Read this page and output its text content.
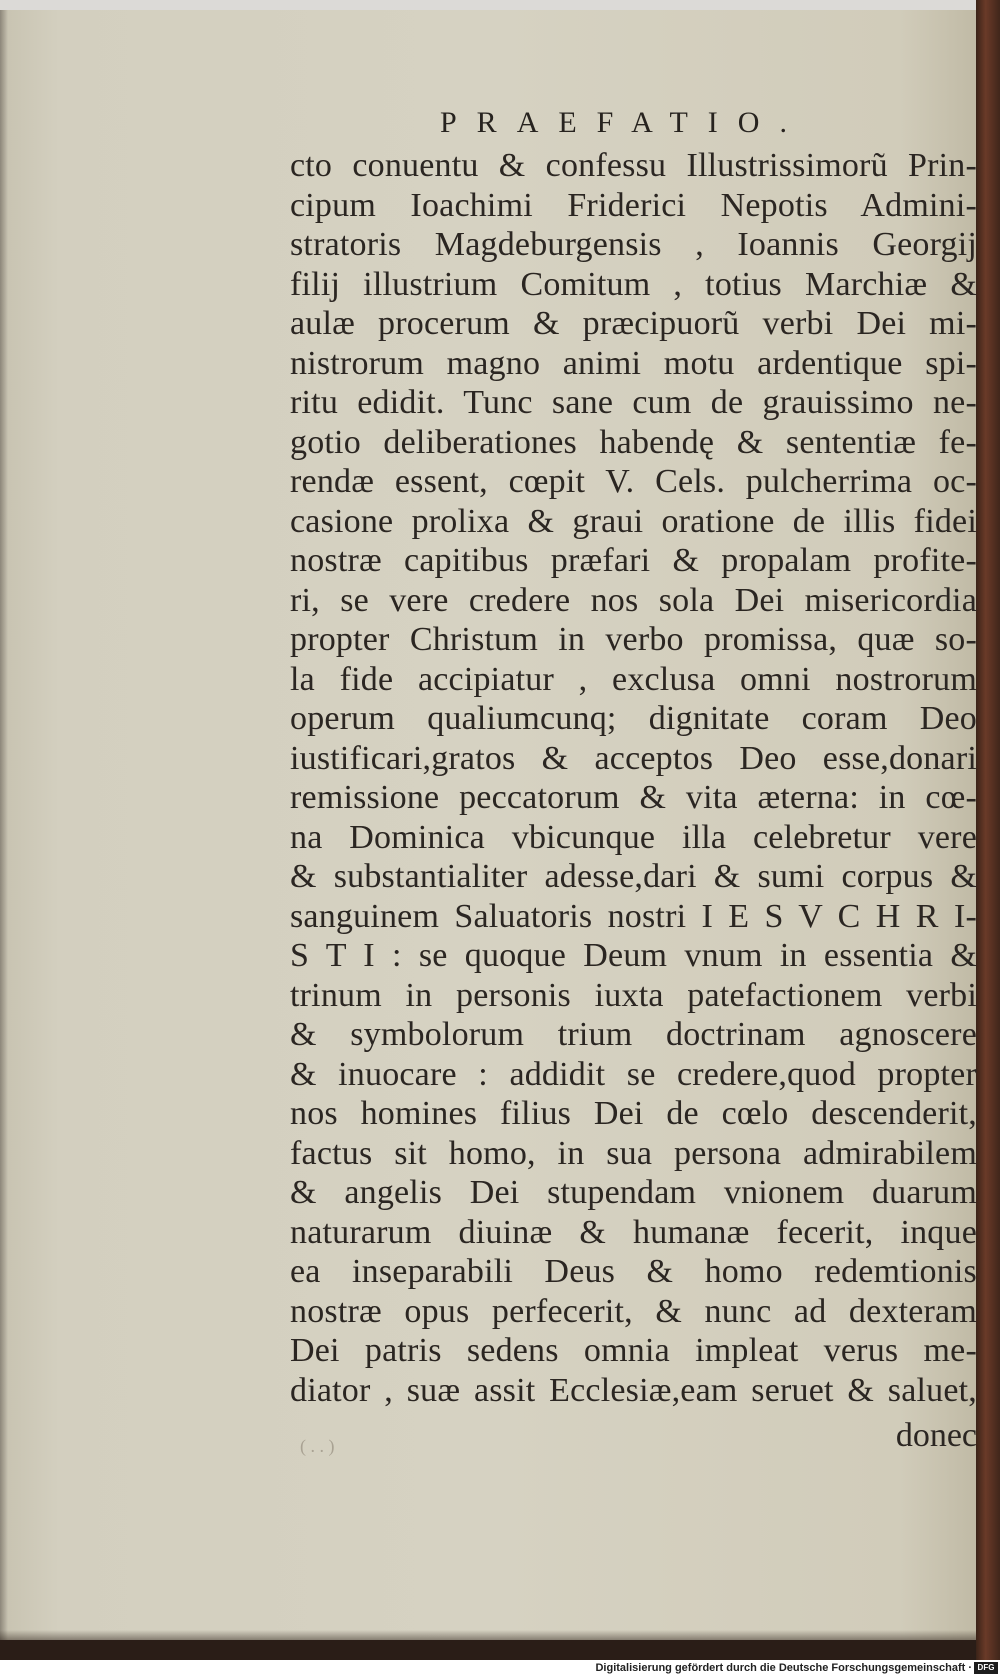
PRAEFATIO.
cto conuentu & confessu Illustrissimorũ Prin-
cipum Ioachimi Friderici Nepotis Admini-
stratoris Magdeburgensis , Ioannis Georgij
filij illustrium Comitum , totius Marchiæ &
aulæ procerum & præcipuorũ verbi Dei mi-
nistrorum magno animi motu ardentique spi-
ritu edidit. Tunc sane cum de grauissimo ne-
gotio deliberationes habendę & sententiæ fe-
rendæ essent, cœpit V. Cels. pulcherrima oc-
casione prolixa & graui oratione de illis fidei
nostræ capitibus præfari & propalam profite-
ri, se vere credere nos sola Dei misericordia
propter Christum in verbo promissa, quæ so-
la fide accipiatur , exclusa omni nostrorum
operum qualiumcunq; dignitate coram Deo
iustificari,gratos & acceptos Deo esse,donari
remissione peccatorum & vita æterna: in cœ-
na Dominica vbicunque illa celebretur vere
& substantialiter adesse,dari & sumi corpus &
sanguinem Saluatoris nostri I E S V C H R I-
S T I : se quoque Deum vnum in essentia &
trinum in personis iuxta patefactionem verbi
& symbolorum trium doctrinam agnoscere
& inuocare : addidit se credere,quod propter
nos homines filius Dei de cœlo descenderit,
factus sit homo, in sua persona admirabilem
& angelis Dei stupendam vnionem duarum
naturarum diuinæ & humanæ fecerit, inque
ea inseparabili Deus & homo redemtionis
nostræ opus perfecerit, & nunc ad dexteram
Dei patris sedens omnia impleat verus me-
diator , suæ assit Ecclesiæ,eam seruet & saluet,
( . . )	donec
Digitalisierung gefördert durch die Deutsche Forschungsgemeinschaft · DFG
